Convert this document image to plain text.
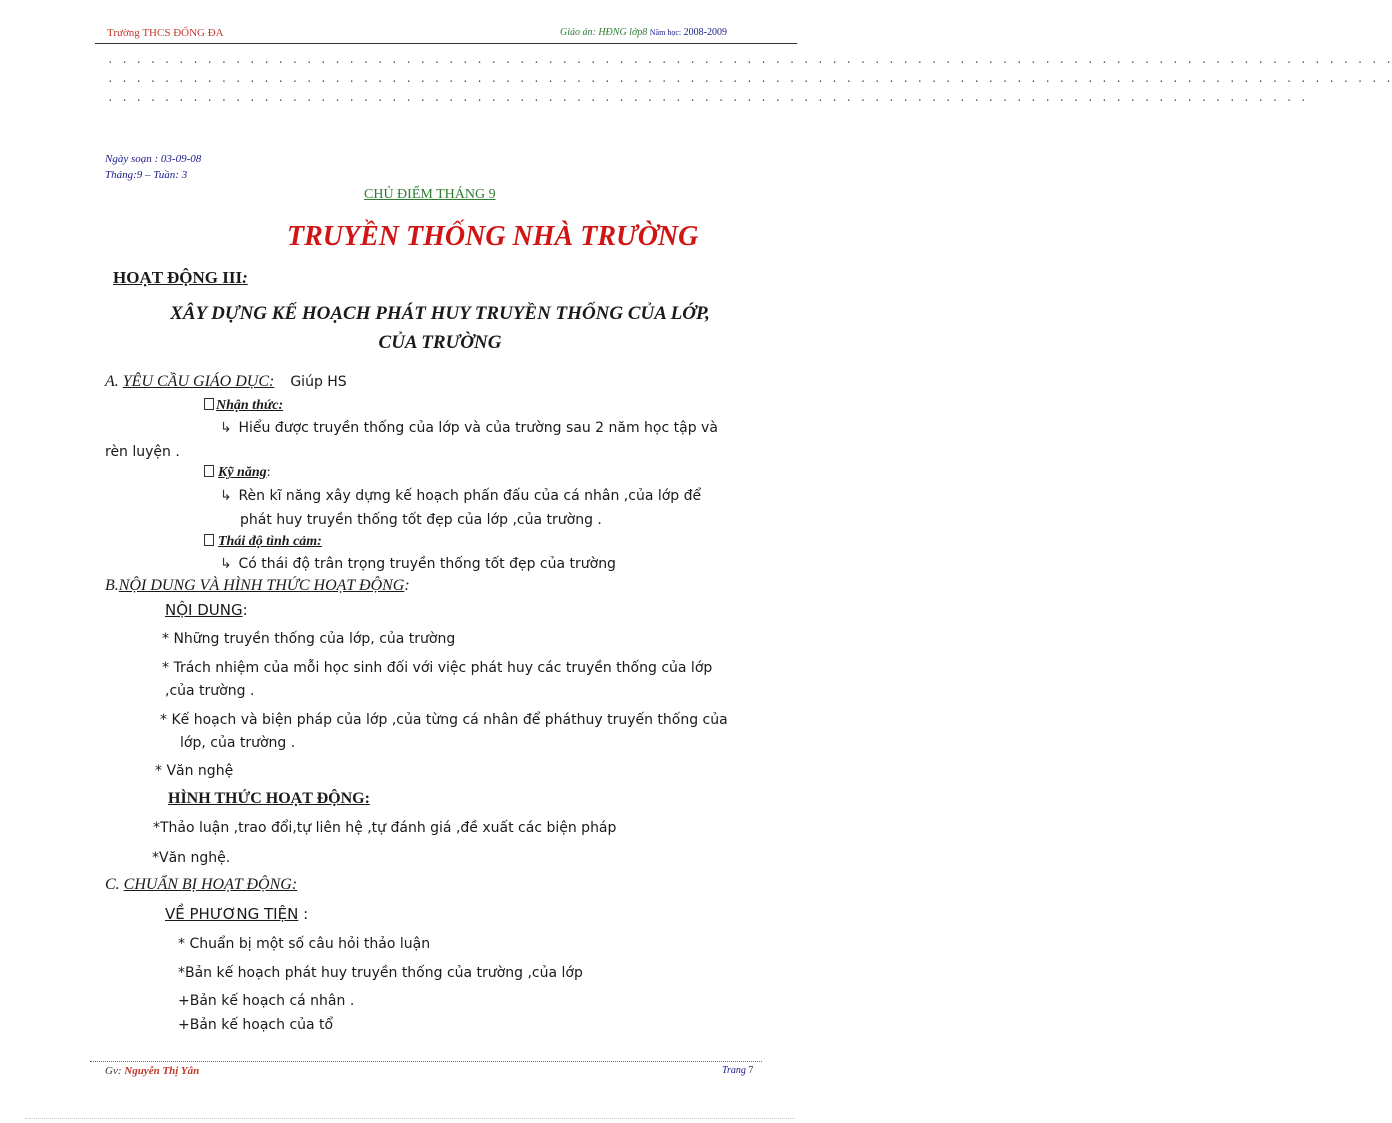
Trường THCS ĐỐNG ĐA	Giáo án: HĐNG lớp8 Năm học: 2008-2009
. . . . . . . . . . . . . . . . . . . . . . . . . . . . . . . . . . . . . . . . . . . . . . . . . . . . . . . . . . . . . . . . . . . . . . . . . . . . . . . . . . . . . . . . . . .
. . . . . . . . . . . . . . . . . . . . . . . . . . . . . . . . . . . . . . . . . . . . . . . . . . . . . . . . . . . . . . . . . . . . . . . . . . . . . . . . . . . . . . . . . . .
. . . . . . . . . . . . . . . . . . . . . . . . . . . . . . . . . . . . . . . . . . . . . . . . . . . . . . . . . . . . . . . . . . . . . . . . . . . . . . . . . . . . .
Ngày soạn : 03-09-08
Tháng:9 – Tuần: 3
CHỦ ĐIỂM THÁNG 9
TRUYỀN THỐNG NHÀ TRƯỜNG
HOẠT ĐỘNG III:
XÂY DỰNG KẾ HOẠCH PHÁT HUY TRUYỀN THỐNG CỦA LỚP,
CỦA TRƯỜNG
A. YÊU CẦU GIÁO DỤC: Giúp HS
Nhận thức:
↳ Hiểu được truyền thống của lớp và của trường sau 2 năm học tập và
rèn luyện .
Kỹ năng:
↳ Rèn kĩ năng xây dựng kế hoạch phấn đấu của cá nhân ,của lớp để
phát huy truyền thống tốt đẹp của lớp ,của trường .
Thái độ tình cảm:
↳ Có thái độ trân trọng truyền thống tốt đẹp của trường
B.NỘI DUNG VÀ HÌNH THỨC HOẠT ĐỘNG:
NỘI DUNG:
* Những truyền thống của lớp, của trường
* Trách nhiệm của mỗi học sinh đối với việc phát huy các truyền thống của lớp
,của trường .
* Kế hoạch và biện pháp của lớp ,của từng cá nhân để pháthuy truyến thống của
lớp, của trường .
* Văn nghệ
HÌNH THỨC HOẠT ĐỘNG:
*Thảo luận ,trao đổi,tự liên hệ ,tự đánh giá ,đề xuất các biện pháp
*Văn nghệ.
C. CHUẨN BỊ HOẠT ĐỘNG:
VỀ PHƯƠNG TIỆN :
* Chuẩn bị một số câu hỏi thảo luận
*Bản kế hoạch phát huy truyền thống của trường ,của lớp
+Bản kế hoạch cá nhân .
+Bản kế hoạch của tổ
Gv: Nguyễn Thị Yân	Trang 7
